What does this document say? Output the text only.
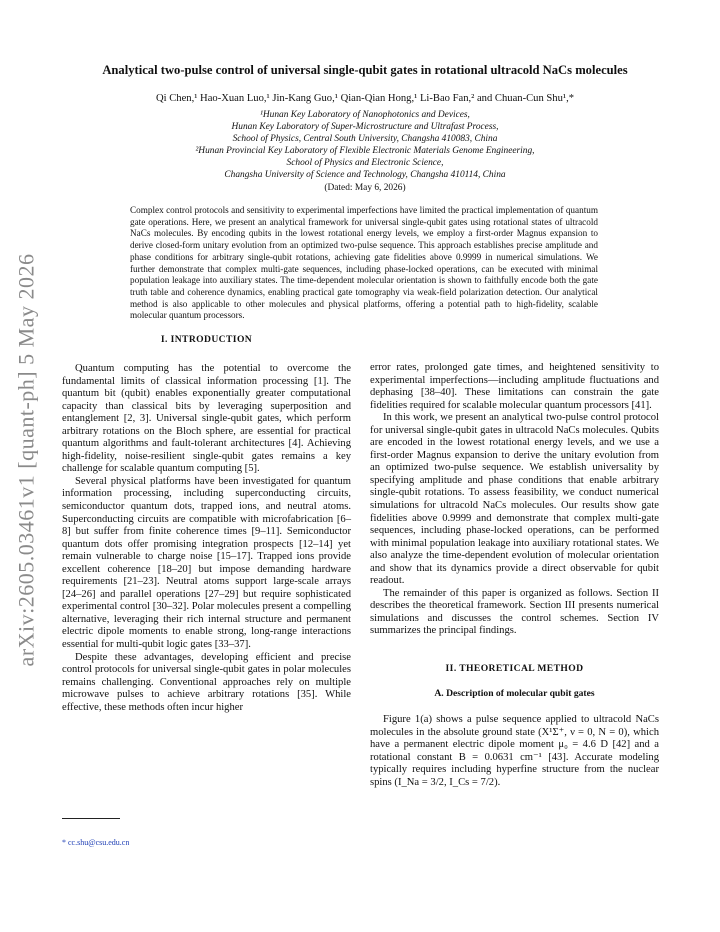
arXiv:2605.03461v1 [quant-ph] 5 May 2026
Analytical two-pulse control of universal single-qubit gates in rotational ultracold NaCs molecules
Qi Chen,¹ Hao-Xuan Luo,¹ Jin-Kang Guo,¹ Qian-Qian Hong,¹ Li-Bao Fan,² and Chuan-Cun Shu¹,*
¹Hunan Key Laboratory of Nanophotonics and Devices,
Hunan Key Laboratory of Super-Microstructure and Ultrafast Process,
School of Physics, Central South University, Changsha 410083, China
²Hunan Provincial Key Laboratory of Flexible Electronic Materials Genome Engineering,
School of Physics and Electronic Science,
Changsha University of Science and Technology, Changsha 410114, China
(Dated: May 6, 2026)
Complex control protocols and sensitivity to experimental imperfections have limited the practical implementation of quantum gate operations. Here, we present an analytical framework for universal single-qubit gates using rotational states of ultracold NaCs molecules. By encoding qubits in the lowest rotational energy levels, we employ a first-order Magnus expansion to derive closed-form unitary evolution from an optimized two-pulse sequence. This approach establishes precise amplitude and phase conditions for arbitrary single-qubit rotations, achieving gate fidelities above 0.9999 in numerical simulations. We further demonstrate that complex multi-gate sequences, including phase-locked operations, can be executed with minimal population leakage into auxiliary states. The time-dependent molecular orientation is shown to faithfully encode both the gate truth table and coherence dynamics, enabling practical gate tomography via weak-field polarization detection. Our analytical method is also applicable to other molecules and physical platforms, offering a potential path to high-fidelity, scalable molecular quantum processors.
I. INTRODUCTION

Quantum computing has the potential to overcome the fundamental limits of classical information processing [1]. The quantum bit (qubit) enables exponentially greater computational capacity than classical bits by leveraging superposition and entanglement [2, 3]. Universal single-qubit gates, which perform arbitrary rotations on the Bloch sphere, are essential for practical quantum algorithms and fault-tolerant architectures [4]. Achieving high-fidelity, noise-resilient single-qubit gates remains a key challenge for scalable quantum computing [5].

Several physical platforms have been investigated for quantum information processing, including superconducting circuits, semiconductor quantum dots, trapped ions, and neutral atoms. Superconducting circuits are compatible with microfabrication [6–8] but suffer from finite coherence times [9–11]. Semiconductor quantum dots offer promising integration prospects [12–14] yet remain vulnerable to charge noise [15–17]. Trapped ions provide excellent coherence [18–20] but impose demanding hardware requirements [21–23]. Neutral atoms support large-scale arrays [24–26] and parallel operations [27–29] but require sophisticated experimental control [30–32]. Polar molecules present a compelling alternative, leveraging their rich internal structure and permanent electric dipole moments to enable strong, long-range interactions essential for multi-qubit logic gates [33–37].

Despite these advantages, developing efficient and precise control protocols for universal single-qubit gates in polar molecules remains challenging. Conventional approaches rely on multiple microwave pulses to achieve arbitrary rotations [35]. While effective, these methods often incur higher

error rates, prolonged gate times, and heightened sensitivity to experimental imperfections—including amplitude fluctuations and dephasing [38–40]. These limitations can constrain the gate fidelities required for scalable molecular quantum processors [41].

In this work, we present an analytical two-pulse control protocol for universal single-qubit gates in ultracold NaCs molecules. Qubits are encoded in the lowest rotational energy levels, and we use a first-order Magnus expansion to derive the unitary evolution from an optimized two-pulse sequence. We establish universality by specifying amplitude and phase conditions that enable arbitrary single-qubit rotations. To assess feasibility, we conduct numerical simulations for ultracold NaCs molecules. Our results show gate fidelities above 0.9999 and demonstrate that complex multi-gate sequences, including phase-locked operations, can be performed with minimal population leakage into auxiliary rotational states. We also analyze the time-dependent evolution of molecular orientation and show that its dynamics provide a direct observable for qubit readout.

The remainder of this paper is organized as follows. Section II describes the theoretical framework. Section III presents numerical simulations and discusses the control schemes. Section IV summarizes the principal findings.

II. THEORETICAL METHOD
A. Description of molecular qubit gates

Figure 1(a) shows a pulse sequence applied to ultracold NaCs molecules in the absolute ground state (X¹Σ⁺, ν = 0, N = 0), which have a permanent electric dipole moment μ₀ = 4.6 D [42] and a rotational constant B = 0.0631 cm⁻¹ [43]. Accurate modeling typically requires including hyperfine structure from the nuclear spins (I_Na = 3/2, I_Cs = 7/2).

* cc.shu@csu.edu.cn
